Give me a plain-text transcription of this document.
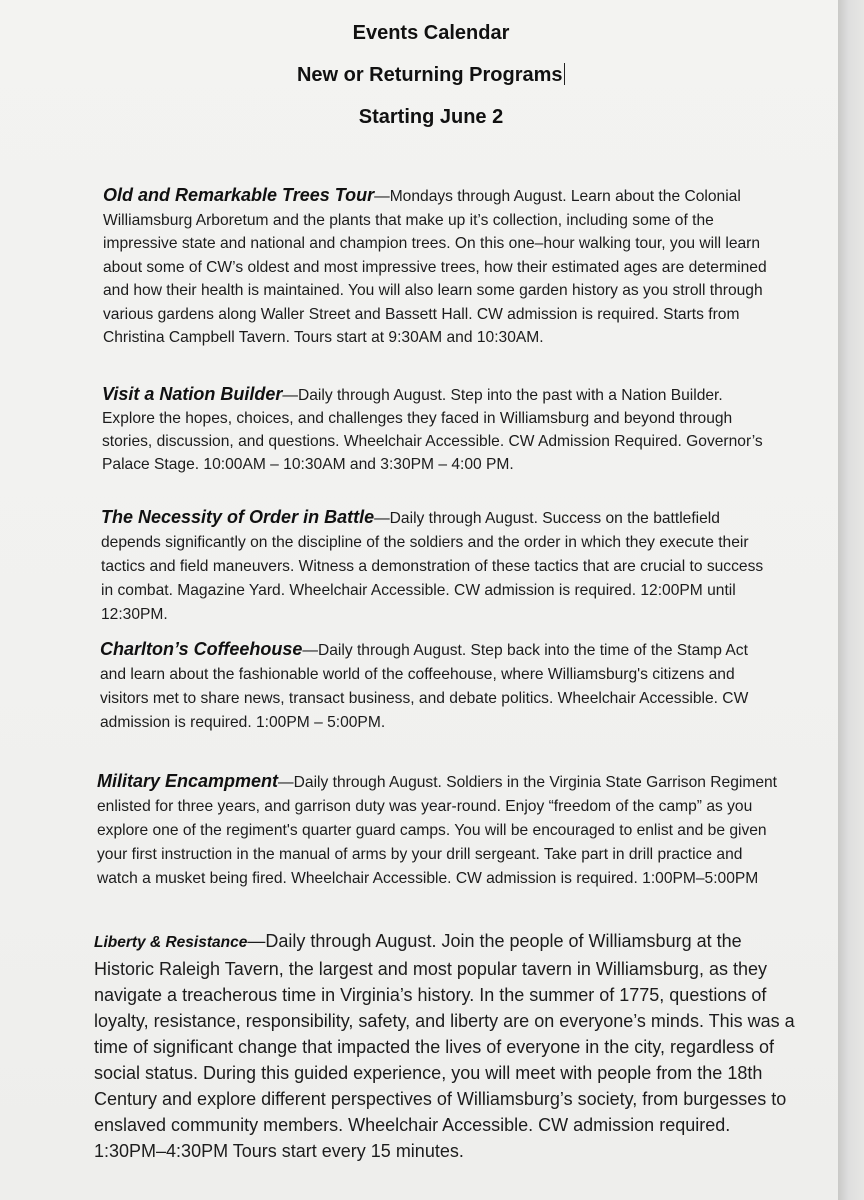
Events Calendar
New or Returning Programs
Starting June 2

Old and Remarkable Trees Tour—Mondays through August. Learn about the Colonial Williamsburg Arboretum and the plants that make up it’s collection, including some of the impressive state and national and champion trees. On this one–hour walking tour, you will learn about some of CW’s oldest and most impressive trees, how their estimated ages are determined and how their health is maintained. You will also learn some garden history as you stroll through various gardens along Waller Street and Bassett Hall. CW admission is required. Starts from Christina Campbell Tavern. Tours start at 9:30AM and 10:30AM.

Visit a Nation Builder—Daily through August. Step into the past with a Nation Builder. Explore the hopes, choices, and challenges they faced in Williamsburg and beyond through stories, discussion, and questions. Wheelchair Accessible. CW Admission Required. Governor’s Palace Stage. 10:00AM – 10:30AM and 3:30PM – 4:00 PM.

The Necessity of Order in Battle—Daily through August. Success on the battlefield depends significantly on the discipline of the soldiers and the order in which they execute their tactics and field maneuvers. Witness a demonstration of these tactics that are crucial to success in combat. Magazine Yard. Wheelchair Accessible. CW admission is required. 12:00PM until 12:30PM.

Charlton’s Coffeehouse—Daily through August. Step back into the time of the Stamp Act and learn about the fashionable world of the coffeehouse, where Williamsburg's citizens and visitors met to share news, transact business, and debate politics. Wheelchair Accessible. CW admission is required. 1:00PM – 5:00PM.

Military Encampment—Daily through August. Soldiers in the Virginia State Garrison Regiment enlisted for three years, and garrison duty was year-round. Enjoy “freedom of the camp” as you explore one of the regiment's quarter guard camps. You will be encouraged to enlist and be given your first instruction in the manual of arms by your drill sergeant. Take part in drill practice and watch a musket being fired. Wheelchair Accessible. CW admission is required. 1:00PM–5:00PM

Liberty & Resistance—Daily through August. Join the people of Williamsburg at the Historic Raleigh Tavern, the largest and most popular tavern in Williamsburg, as they navigate a treacherous time in Virginia’s history. In the summer of 1775, questions of loyalty, resistance, responsibility, safety, and liberty are on everyone’s minds. This was a time of significant change that impacted the lives of everyone in the city, regardless of social status. During this guided experience, you will meet with people from the 18th Century and explore different perspectives of Williamsburg’s society, from burgesses to enslaved community members. Wheelchair Accessible. CW admission required. 1:30PM–4:30PM Tours start every 15 minutes.
